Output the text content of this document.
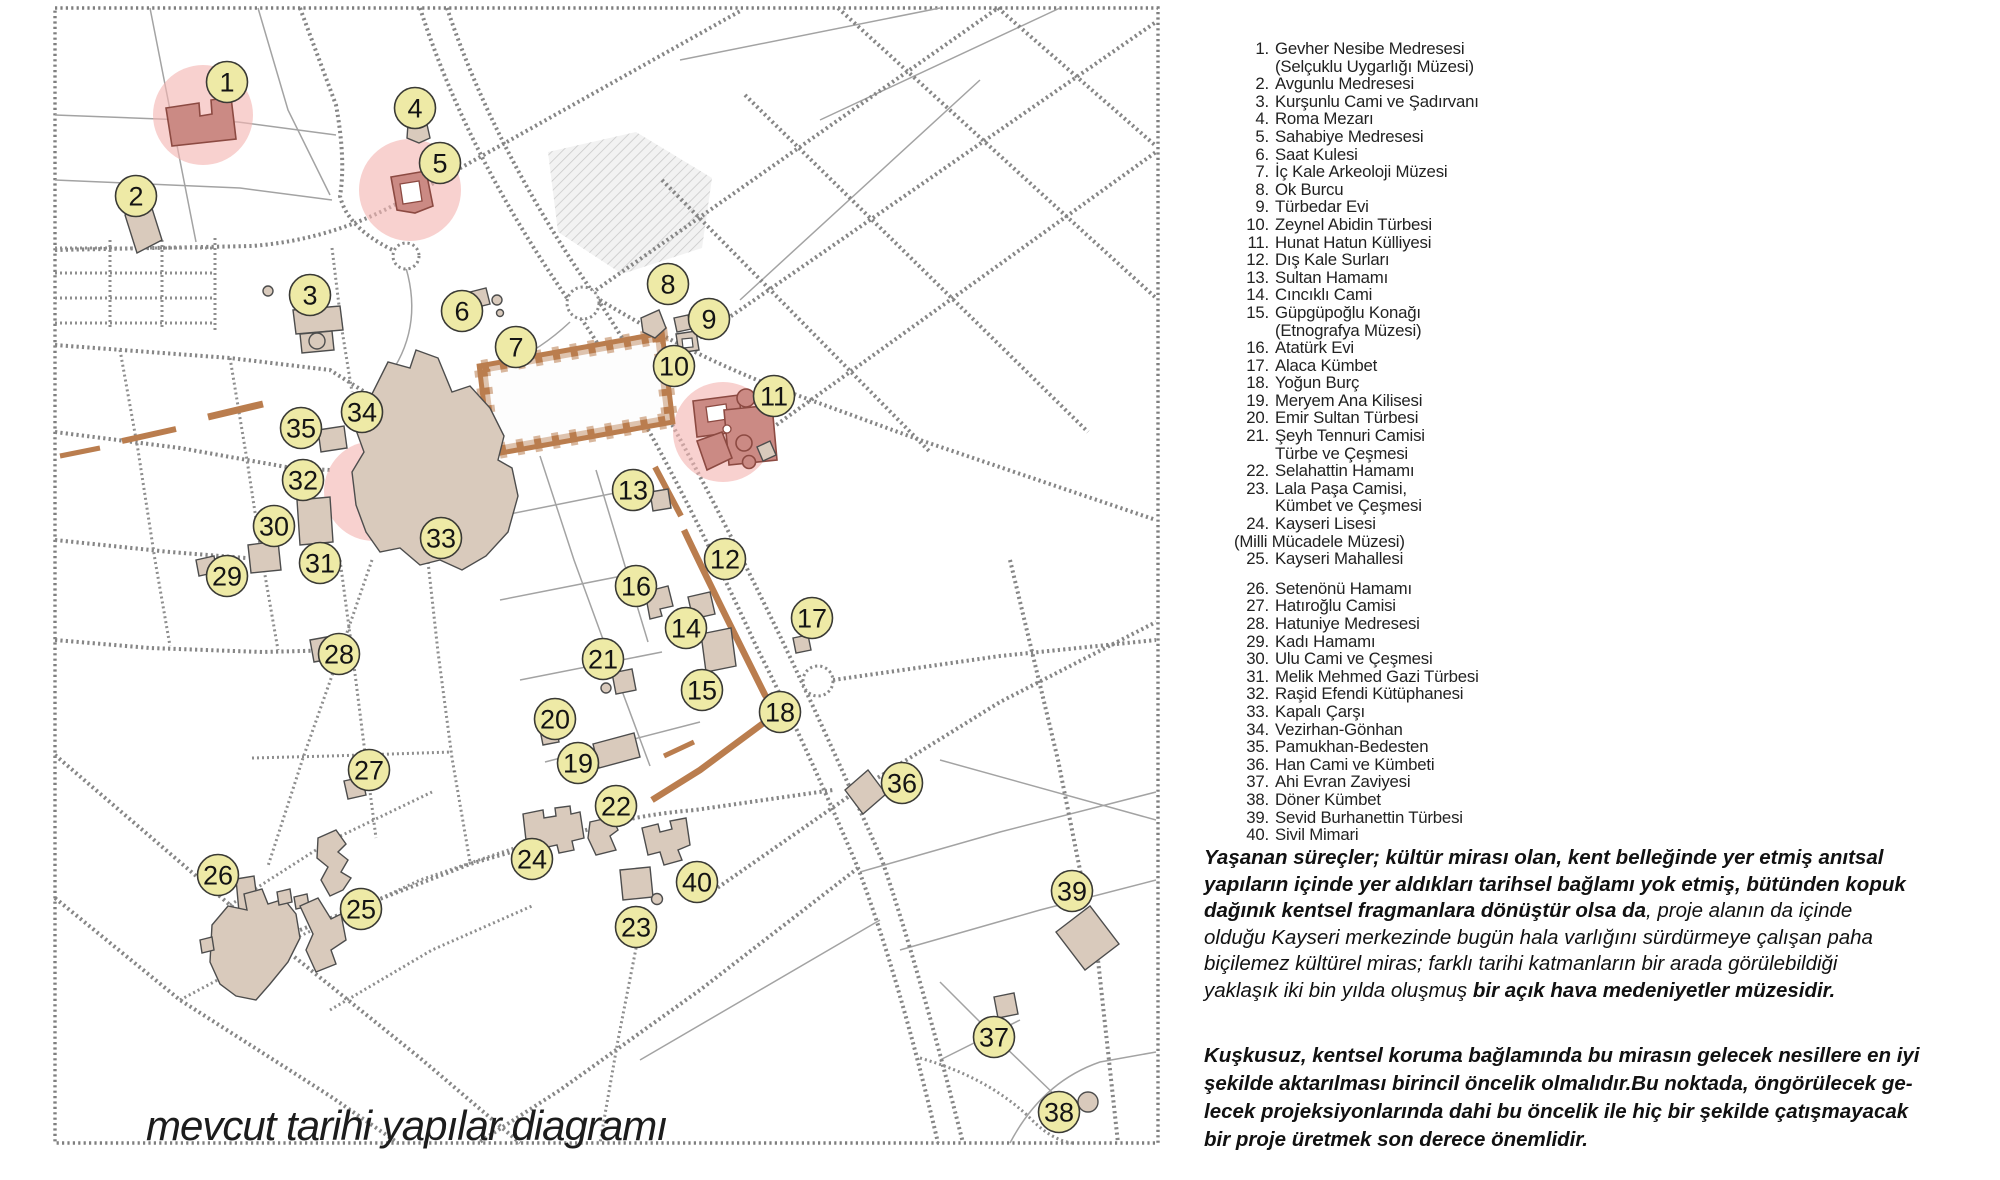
1
2
3
4
5
6
7
8
9
10
11
12
13
14
15
16
17
18
19
20
21
22
23
24
25
26
27
28
29
30
31
32
33
34
35
36
37
38
39
40
mevcut tarihi yapılar diagramı
1. Gevher Nesibe Medresesi
(Selçuklu Uygarlığı Müzesi)
2. Avgunlu Medresesi
3. Kurşunlu Cami ve Şadırvanı
4. Roma Mezarı
5. Sahabiye Medresesi
6. Saat Kulesi
7. İç Kale Arkeoloji Müzesi
8. Ok Burcu
9. Türbedar Evi
10. Zeynel Abidin Türbesi
11. Hunat Hatun Külliyesi
12. Dış Kale Surları
13. Sultan Hamamı
14. Cıncıklı Cami
15. Güpgüpoğlu Konağı
(Etnografya Müzesi)
16. Atatürk Evi
17. Alaca Kümbet
18. Yoğun Burç
19. Meryem Ana Kilisesi
20. Emir Sultan Türbesi
21. Şeyh Tennuri Camisi
Türbe ve Çeşmesi
22. Selahattin Hamamı
23. Lala Paşa Camisi,
Kümbet ve Çeşmesi
24. Kayseri Lisesi
(Milli Mücadele Müzesi)
25. Kayseri Mahallesi
26. Setenönü Hamamı
27. Hatıroğlu Camisi
28. Hatuniye Medresesi
29. Kadı Hamamı
30. Ulu Cami ve Çeşmesi
31. Melik Mehmed Gazi Türbesi
32. Raşid Efendi Kütüphanesi
33. Kapalı Çarşı
34. Vezirhan-Gönhan
35. Pamukhan-Bedesten
36. Han Cami ve Kümbeti
37. Ahi Evran Zaviyesi
38. Döner Kümbet
39. Sevid Burhanettin Türbesi
40. Sivil Mimari
Yaşanan süreçler; kültür mirası olan, kent belleğinde yer etmiş anıtsal
yapıların içinde yer aldıkları tarihsel bağlamı yok etmiş, bütünden kopuk
dağınık kentsel fragmanlara dönüştür olsa da, proje alanın da içinde
olduğu Kayseri merkezinde bugün hala varlığını sürdürmeye çalışan paha
biçilemez kültürel miras; farklı tarihi katmanların bir arada görülebildiği
yaklaşık iki bin yılda oluşmuş bir açık hava medeniyetler müzesidir.
Kuşkusuz, kentsel koruma bağlamında bu mirasın gelecek nesillere en iyi
şekilde aktarılması birincil öncelik olmalıdır.Bu noktada, öngörülecek ge-
lecek projeksiyonlarında dahi bu öncelik ile hiç bir şekilde çatışmayacak
bir proje üretmek son derece önemlidir.
